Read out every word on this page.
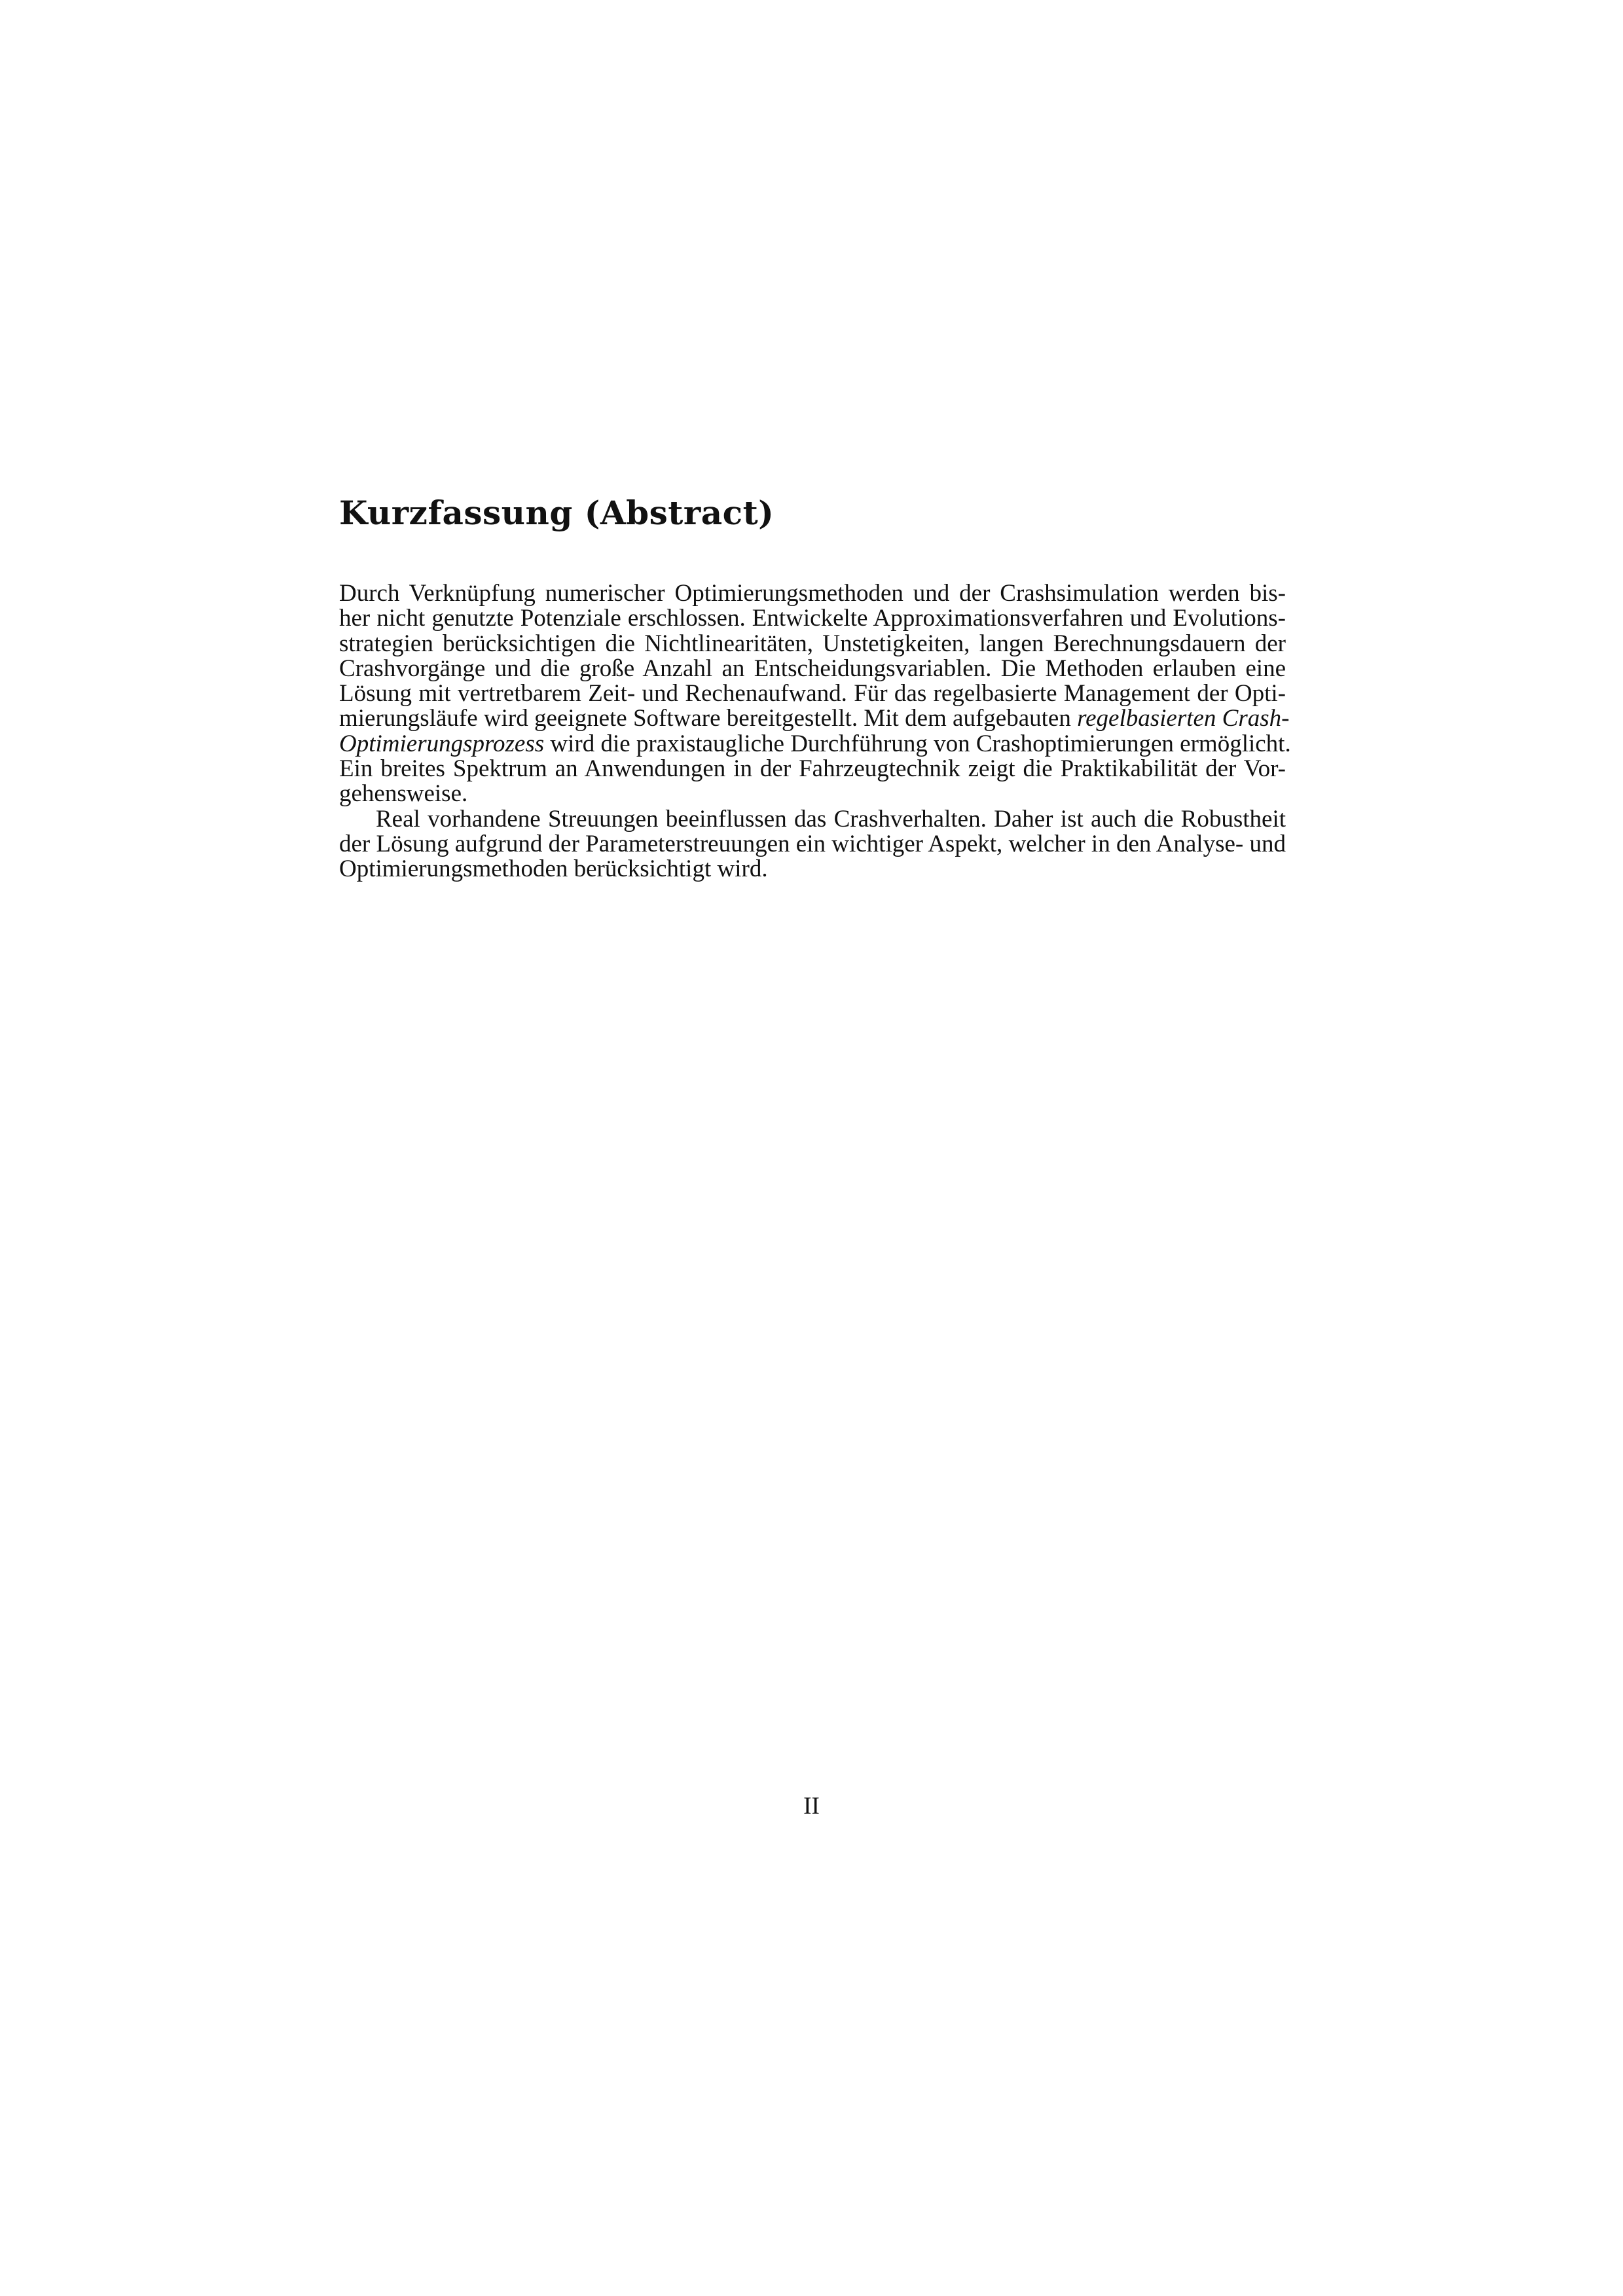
Kurzfassung (Abstract)
Durch Verknüpfung numerischer Optimierungsmethoden und der Crashsimulation werden bis-
her nicht genutzte Potenziale erschlossen. Entwickelte Approximationsverfahren und Evolutions-
strategien berücksichtigen die Nichtlinearitäten, Unstetigkeiten, langen Berechnungsdauern der
Crashvorgänge und die große Anzahl an Entscheidungsvariablen. Die Methoden erlauben eine
Lösung mit vertretbarem Zeit- und Rechenaufwand. Für das regelbasierte Management der Opti-
mierungsläufe wird geeignete Software bereitgestellt. Mit dem aufgebauten regelbasierten Crash-
Optimierungsprozess wird die praxistaugliche Durchführung von Crashoptimierungen ermöglicht.
Ein breites Spektrum an Anwendungen in der Fahrzeugtechnik zeigt die Praktikabilität der Vor-
gehensweise.
Real vorhandene Streuungen beeinflussen das Crashverhalten. Daher ist auch die Robustheit
der Lösung aufgrund der Parameterstreuungen ein wichtiger Aspekt, welcher in den Analyse- und
Optimierungsmethoden berücksichtigt wird.
II
